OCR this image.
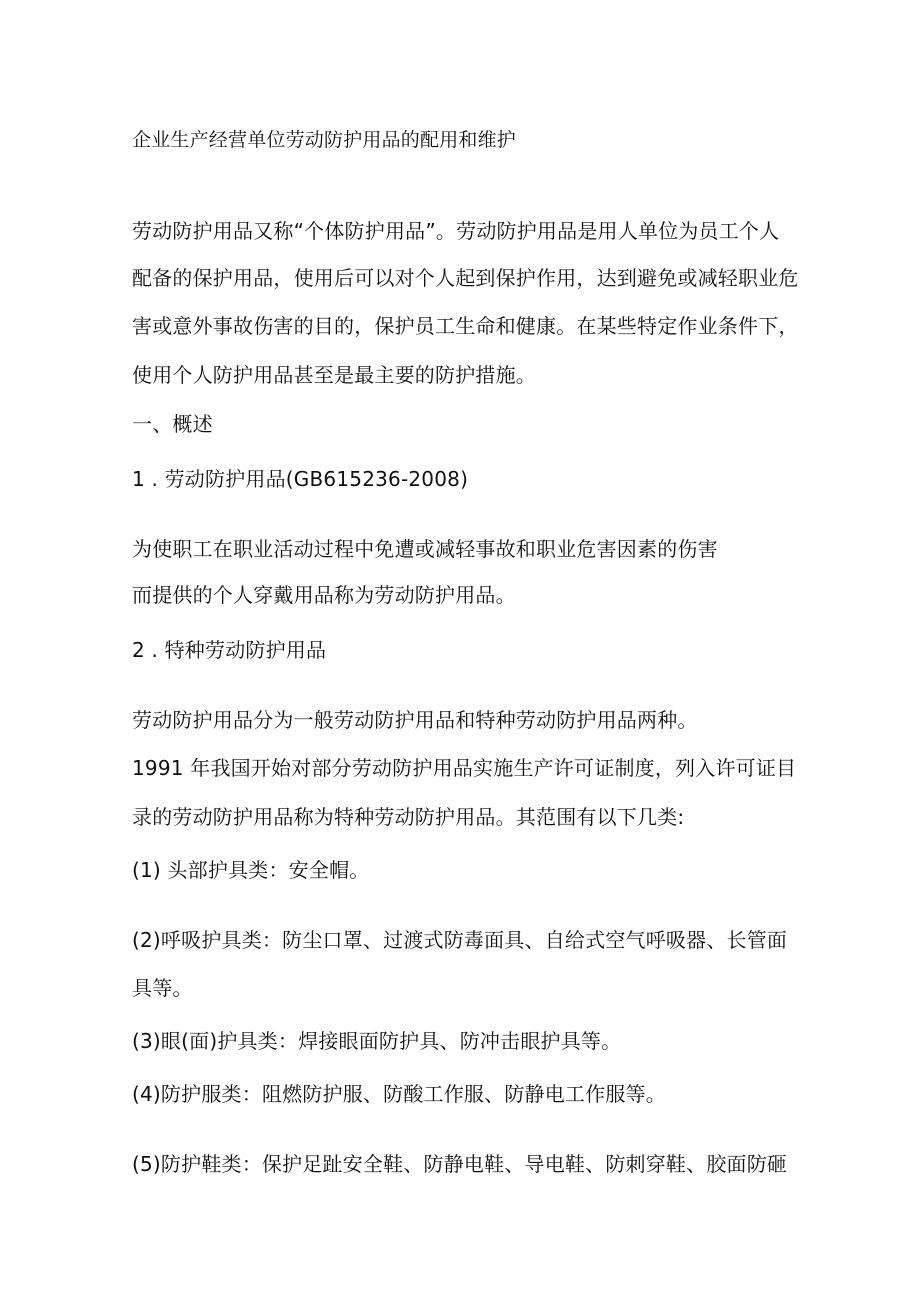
企业生产经营单位劳动防护用品的配用和维护
劳动防护用品又称“个体防护用品”。劳动防护用品是用人单位为员工个人
配备的保护用品，使用后可以对个人起到保护作用，达到避免或减轻职业危
害或意外事故伤害的目的，保护员工生命和健康。在某些特定作业条件下，
使用个人防护用品甚至是最主要的防护措施。
一、概述
1 . 劳动防护用品(GB615236-2008)
为使职工在职业活动过程中免遭或减轻事故和职业危害因素的伤害
而提供的个人穿戴用品称为劳动防护用品。
2 . 特种劳动防护用品
劳动防护用品分为一般劳动防护用品和特种劳动防护用品两种。
1991 年我国开始对部分劳动防护用品实施生产许可证制度，列入许可证目
录的劳动防护用品称为特种劳动防护用品。其范围有以下几类:
(1) 头部护具类：安全帽。
(2)呼吸护具类：防尘口罩、过渡式防毒面具、自给式空气呼吸器、长管面
具等。
(3)眼(面)护具类：焊接眼面防护具、防冲击眼护具等。
(4)防护服类：阻燃防护服、防酸工作服、防静电工作服等。
(5)防护鞋类：保护足趾安全鞋、防静电鞋、导电鞋、防刺穿鞋、胶面防砸
